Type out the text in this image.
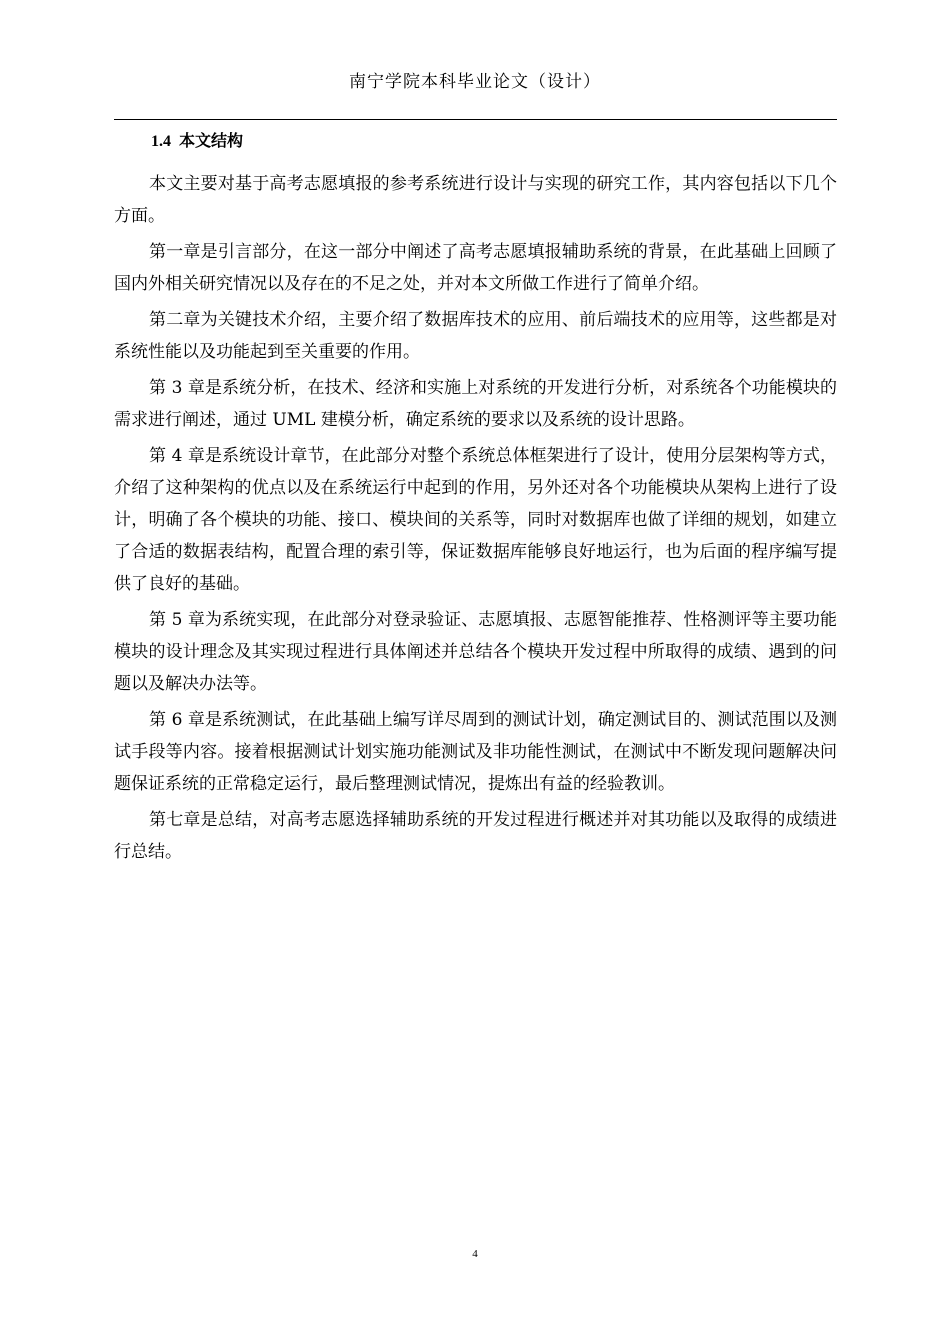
南宁学院本科毕业论文（设计）
1.4 本文结构

本文主要对基于高考志愿填报的参考系统进行设计与实现的研究工作，其内容包括以下几个方面。

第一章是引言部分，在这一部分中阐述了高考志愿填报辅助系统的背景，在此基础上回顾了国内外相关研究情况以及存在的不足之处，并对本文所做工作进行了简单介绍。

第二章为关键技术介绍，主要介绍了数据库技术的应用、前后端技术的应用等，这些都是对系统性能以及功能起到至关重要的作用。

第 3 章是系统分析，在技术、经济和实施上对系统的开发进行分析，对系统各个功能模块的需求进行阐述，通过 UML 建模分析，确定系统的要求以及系统的设计思路。

第 4 章是系统设计章节，在此部分对整个系统总体框架进行了设计，使用分层架构等方式，介绍了这种架构的优点以及在系统运行中起到的作用，另外还对各个功能模块从架构上进行了设计，明确了各个模块的功能、接口、模块间的关系等，同时对数据库也做了详细的规划，如建立了合适的数据表结构，配置合理的索引等，保证数据库能够良好地运行，也为后面的程序编写提供了良好的基础。

第 5 章为系统实现，在此部分对登录验证、志愿填报、志愿智能推荐、性格测评等主要功能模块的设计理念及其实现过程进行具体阐述并总结各个模块开发过程中所取得的成绩、遇到的问题以及解决办法等。

第 6 章是系统测试，在此基础上编写详尽周到的测试计划，确定测试目的、测试范围以及测试手段等内容。接着根据测试计划实施功能测试及非功能性测试，在测试中不断发现问题解决问题保证系统的正常稳定运行，最后整理测试情况，提炼出有益的经验教训。

第七章是总结，对高考志愿选择辅助系统的开发过程进行概述并对其功能以及取得的成绩进行总结。

4
